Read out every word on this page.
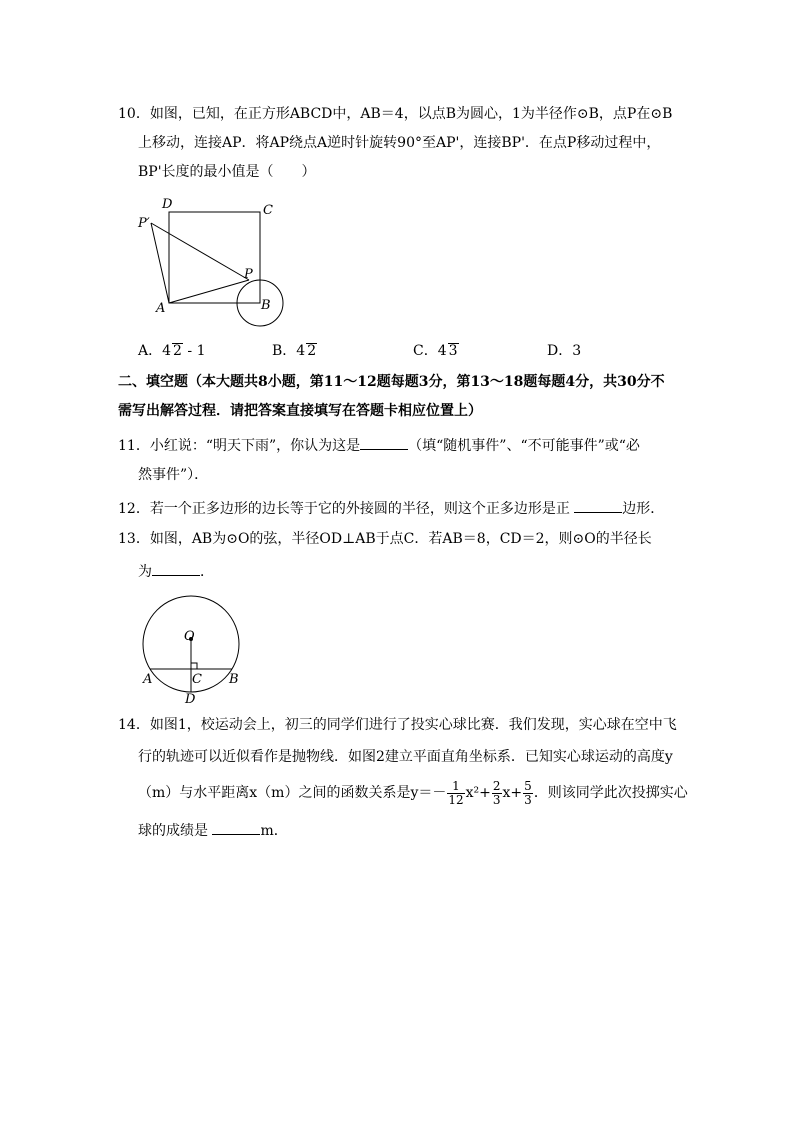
10．如图，已知，在正方形ABCD中，AB＝4，以点B为圆心，1为半径作⊙B，点P在⊙B
上移动，连接AP．将AP绕点A逆时针旋转90°至AP'，连接BP'．在点P移动过程中，
BP'长度的最小值是（　　）
D	C
P′
P
A	B
A．4 2 - 1	B．4 2	C．4 3	D．3
二、填空题（本大题共8小题，第11～12题每题3分，第13～18题每题4分，共30分不
需写出解答过程．请把答案直接填写在答题卡相应位置上）
11．小红说：“明天下雨”，你认为这是	（填“随机事件”、“不可能事件”或“必
然事件”）．
12．若一个正多边形的边长等于它的外接圆的半径，则这个正多边形是正	边形．
13．如图，AB为⊙O的弦，半径OD⊥AB于点C．若AB＝8，CD＝2，则⊙O的半径长
为	．
O
A	C B
D
14．如图1，校运动会上，初三的同学们进行了投实心球比赛．我们发现，实心球在空中飞
行的轨迹可以近似看作是抛物线．如图2建立平面直角坐标系．已知实心球运动的高度y
（m）与水平距离x（m）之间的函数关系是$y=- \frac{1}{12} x^2+ \frac{2}{3} x+ \frac{5}{3}$ ．则该同学此次投掷实心
球的成绩是	m．
